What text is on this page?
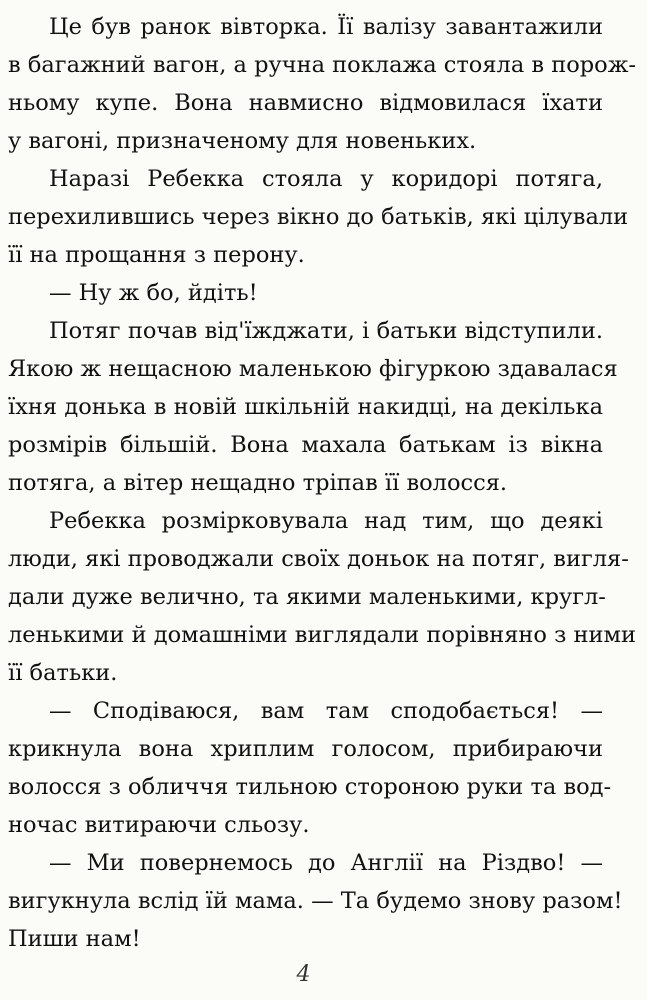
Це був ранок вівторка. Її валізу завантажили
в багажний вагон, а ручна поклажа стояла в порож-
ньому купе. Вона навмисно відмовилася їхати
у вагоні, призначеному для новеньких.
Наразі Ребекка стояла у коридорі потяга,
перехилившись через вікно до батьків, які цілували
її на прощання з перону.
— Ну ж бо, йдіть!
Потяг почав від'їжджати, і батьки відступили.
Якою ж нещасною маленькою фігуркою здавалася
їхня донька в новій шкільній накидці, на декілька
розмірів більшій. Вона махала батькам із вікна
потяга, а вітер нещадно тріпав її волосся.
Ребекка розмірковувала над тим, що деякі
люди, які проводжали своїх доньок на потяг, вигля-
дали дуже велично, та якими маленькими, кругл-
ленькими й домашніми виглядали порівняно з ними
її батьки.
— Сподіваюся, вам там сподобається! —
крикнула вона хриплим голосом, прибираючи
волосся з обличчя тильною стороною руки та вод-
ночас витираючи сльозу.
— Ми повернемось до Англії на Різдво! —
вигукнула вслід їй мама. — Та будемо знову разом!
Пиши нам!
4
